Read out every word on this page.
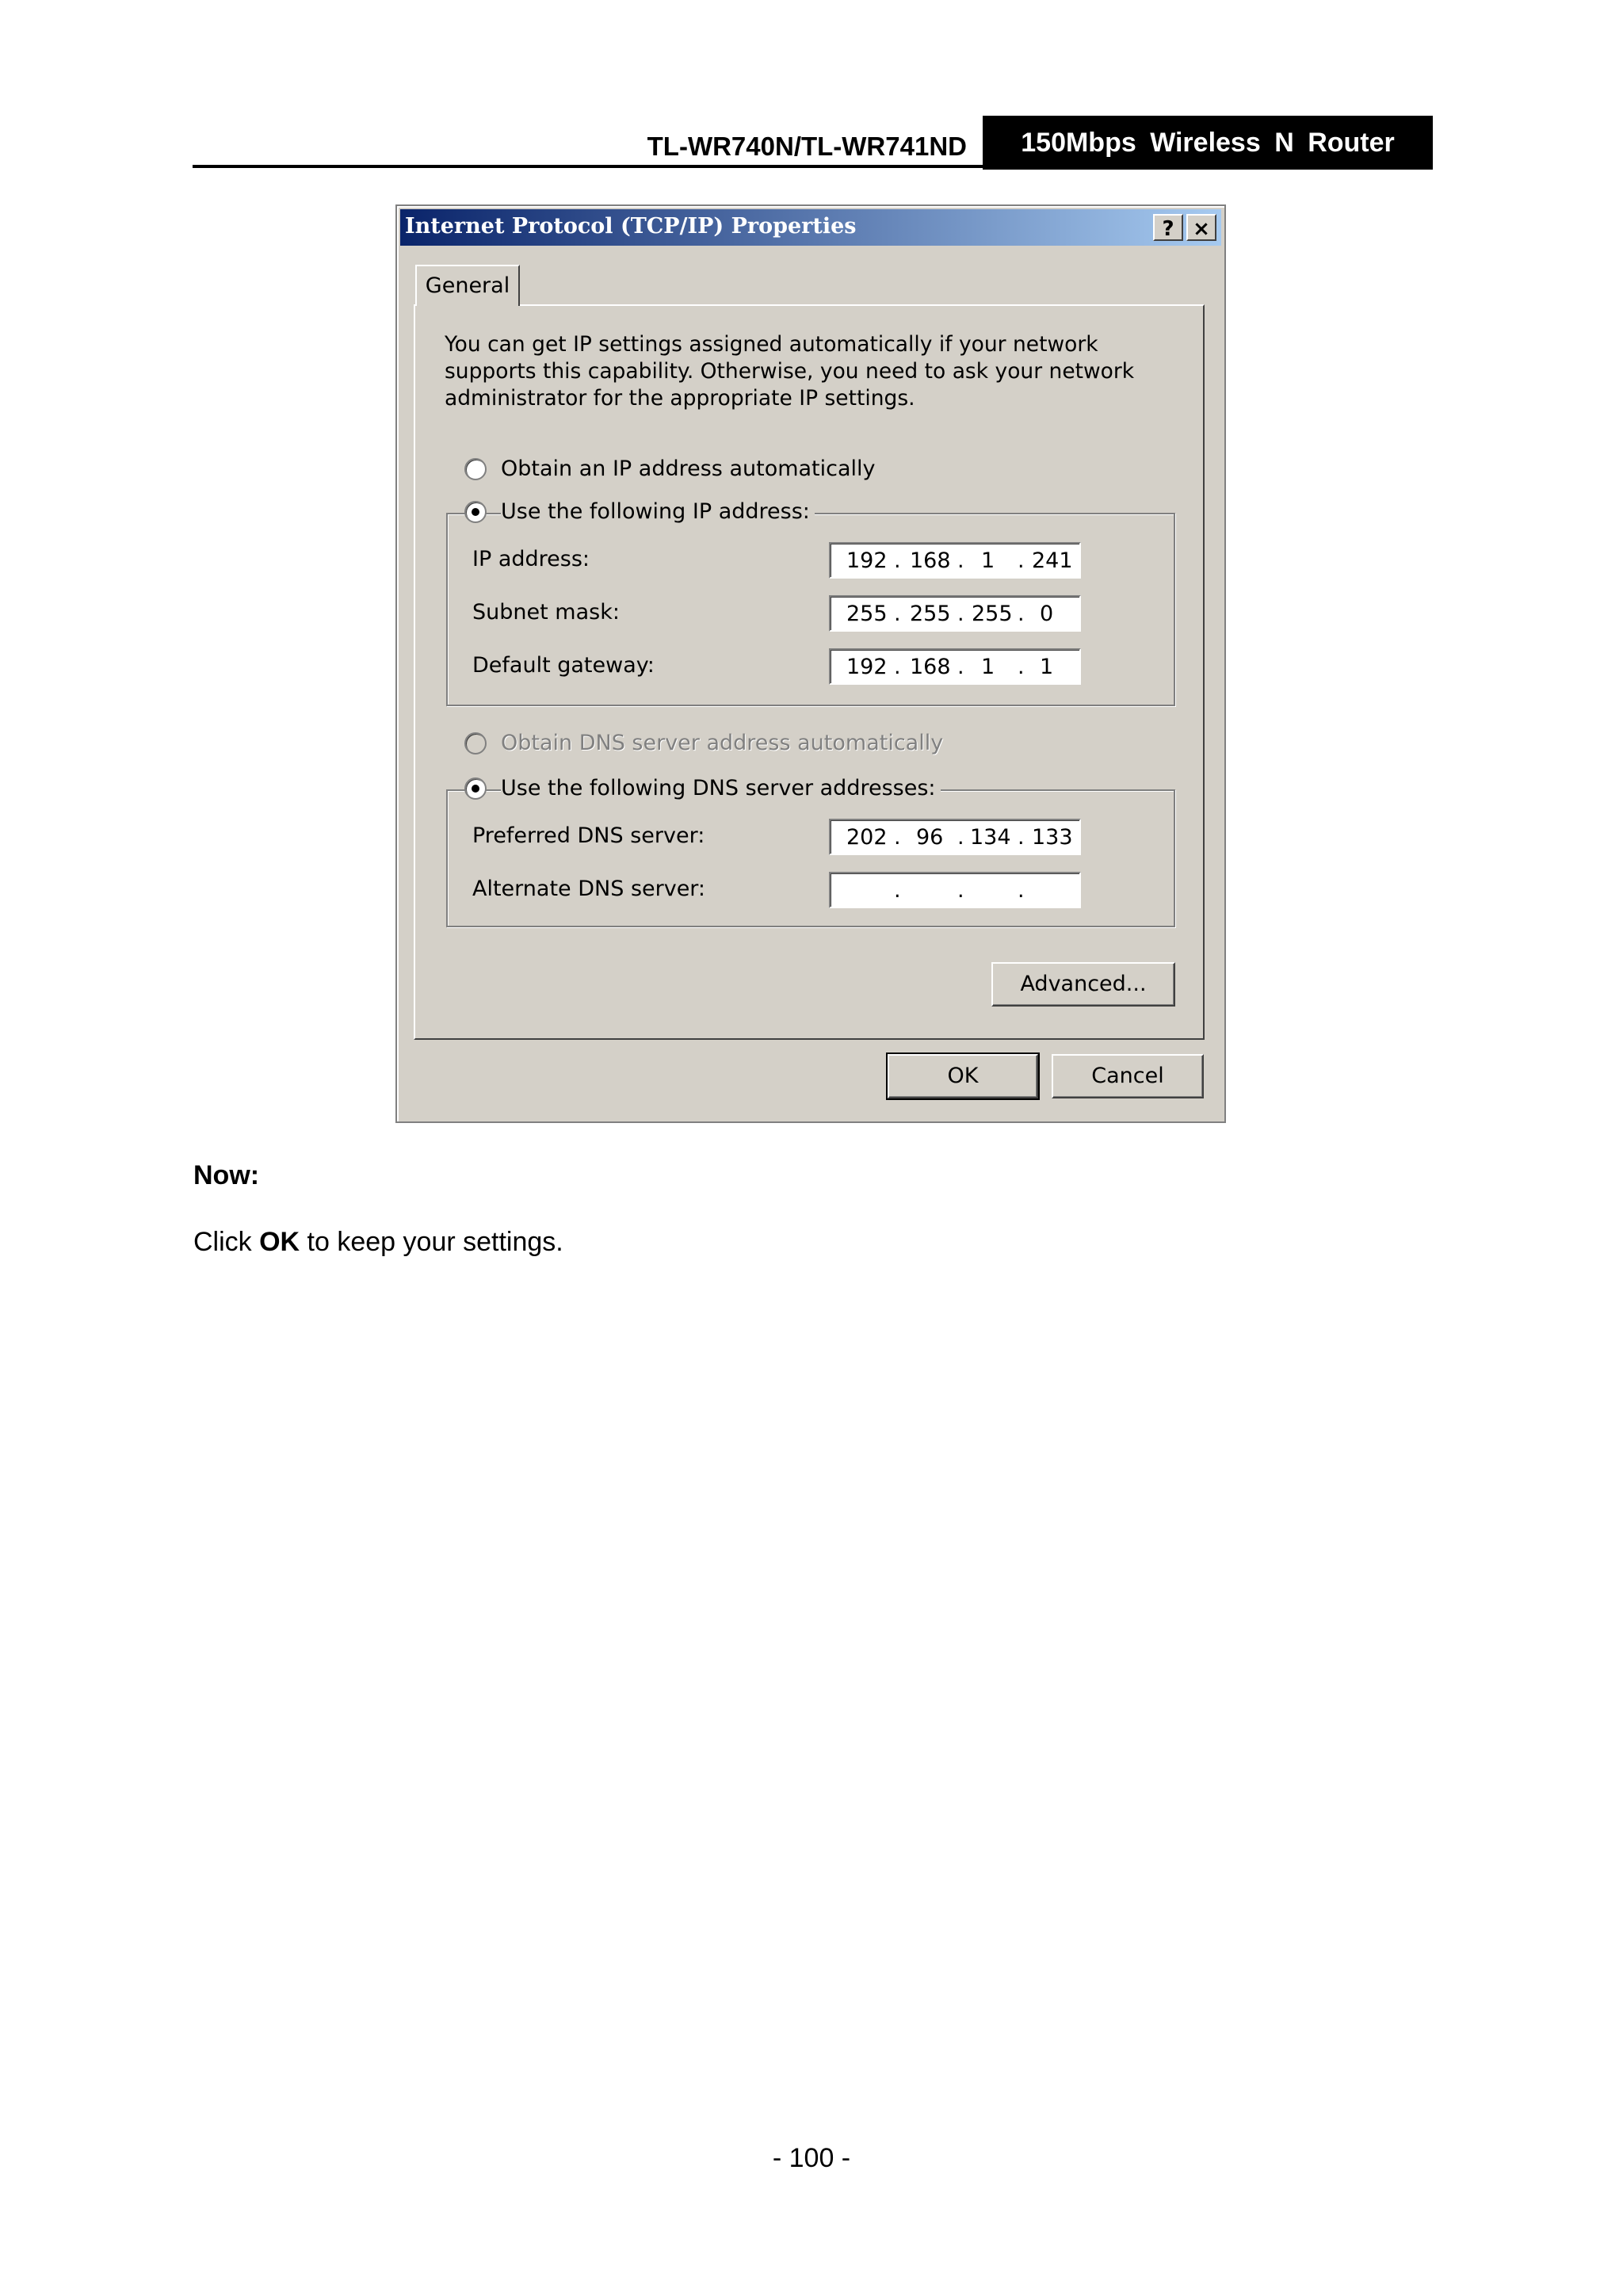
TL-WR740N/TL-WR741ND	150Mbps Wireless N Router
Internet Protocol (TCP/IP) Properties	? ×
General
You can get IP settings assigned automatically if your network supports this capability. Otherwise, you need to ask your network administrator for the appropriate IP settings.
Obtain an IP address automatically
Use the following IP address:
IP address:	192 . 168 . 1 . 241
Subnet mask:	255 . 255 . 255 . 0
Default gateway:	192 . 168 . 1 . 1
Obtain DNS server address automatically
Use the following DNS server addresses:
Preferred DNS server:	202 . 96 . 134 . 133
Alternate DNS server:	.	. .
Advanced...
OK	Cancel
Now:
Click OK to keep your settings.
- 100 -
